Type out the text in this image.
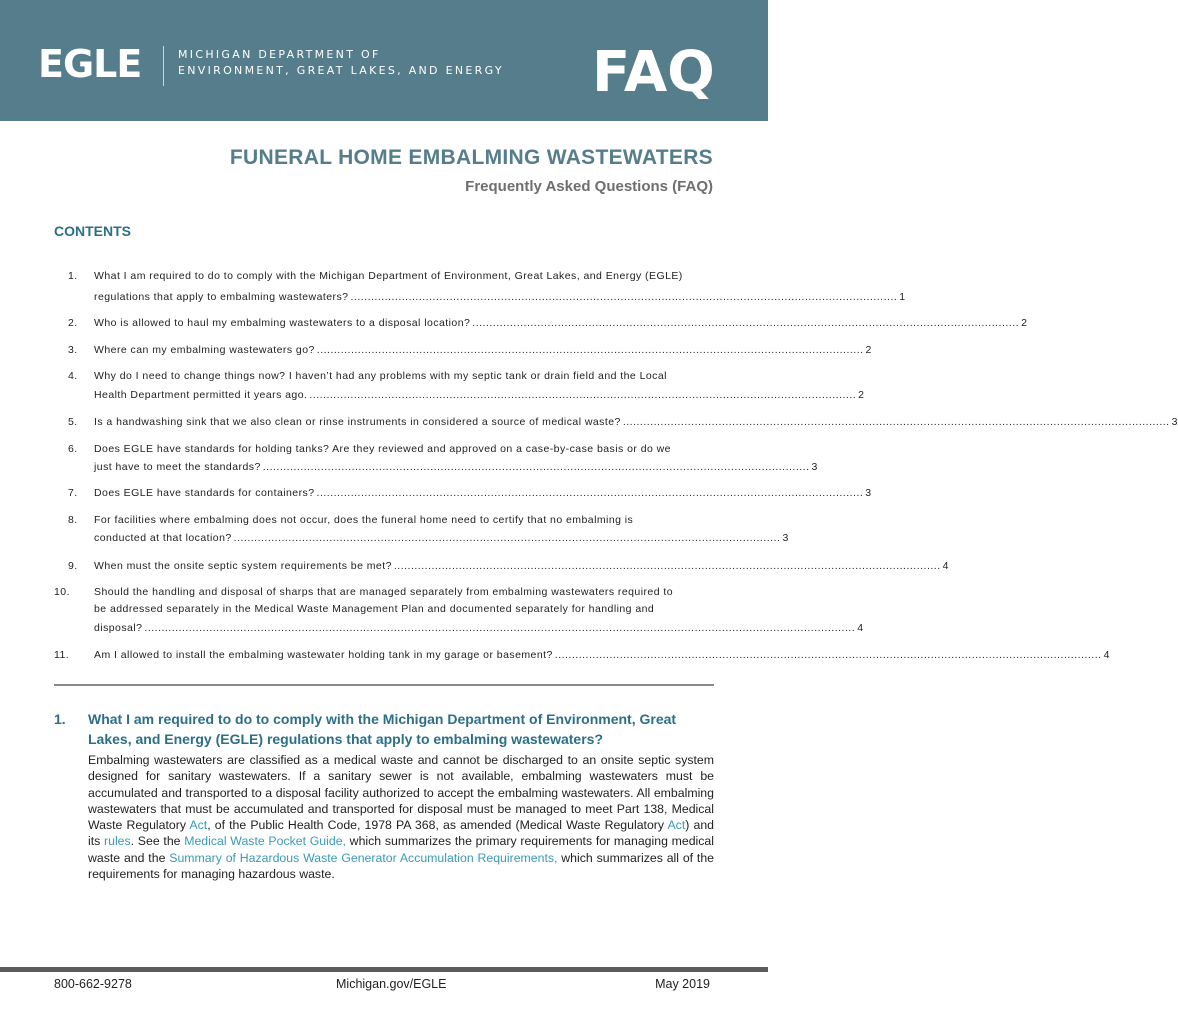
EGLE	MICHIGAN DEPARTMENT OF
ENVIRONMENT, GREAT LAKES, AND ENERGY FAQ
FUNERAL HOME EMBALMING WASTEWATERS
Frequently Asked Questions (FAQ)
CONTENTS
1. What I am required to do to comply with the Michigan Department of Environment, Great Lakes, and Energy (EGLE)
regulations that apply to embalming wastewaters? ................................................................................................................................................................ 1
2. Who is allowed to haul my embalming wastewaters to a disposal location? ................................................................................................................................................................ 2
3. Where can my embalming wastewaters go? ................................................................................................................................................................ 2
4. Why do I need to change things now? I haven’t had any problems with my septic tank or drain field and the Local
Health Department permitted it years ago. ................................................................................................................................................................ 2
5. Is a handwashing sink that we also clean or rinse instruments in considered a source of medical waste? ................................................................................................................................................................ 3
6. Does EGLE have standards for holding tanks? Are they reviewed and approved on a case-by-case basis or do we
just have to meet the standards? ................................................................................................................................................................ 3
7. Does EGLE have standards for containers? ................................................................................................................................................................ 3
8. For facilities where embalming does not occur, does the funeral home need to certify that no embalming is
conducted at that location? ................................................................................................................................................................ 3
9. When must the onsite septic system requirements be met? ................................................................................................................................................................ 4
10. Should the handling and disposal of sharps that are managed separately from embalming wastewaters required to
be addressed separately in the Medical Waste Management Plan and documented separately for handling and
disposal? ................................................................................................................................................................................................................ 4
11. Am I allowed to install the embalming wastewater holding tank in my garage or basement? ................................................................................................................................................................ 4
1. What I am required to do to comply with the Michigan Department of Environment, Great Lakes, and Energy (EGLE) regulations that apply to embalming wastewaters?
Embalming wastewaters are classified as a medical waste and cannot be discharged to an onsite septic system designed for sanitary wastewaters. If a sanitary sewer is not available, embalming wastewaters must be accumulated and transported to a disposal facility authorized to accept the embalming wastewaters. All embalming wastewaters that must be accumulated and transported for disposal must be managed to meet Part 138, Medical Waste Regulatory Act, of the Public Health Code, 1978 PA 368, as amended (Medical Waste Regulatory Act) and its rules. See the Medical Waste Pocket Guide, which summarizes the primary requirements for managing medical waste and the Summary of Hazardous Waste Generator Accumulation Requirements, which summarizes all of the requirements for managing hazardous waste.
800-662-9278	Michigan.gov/EGLE	May 2019
